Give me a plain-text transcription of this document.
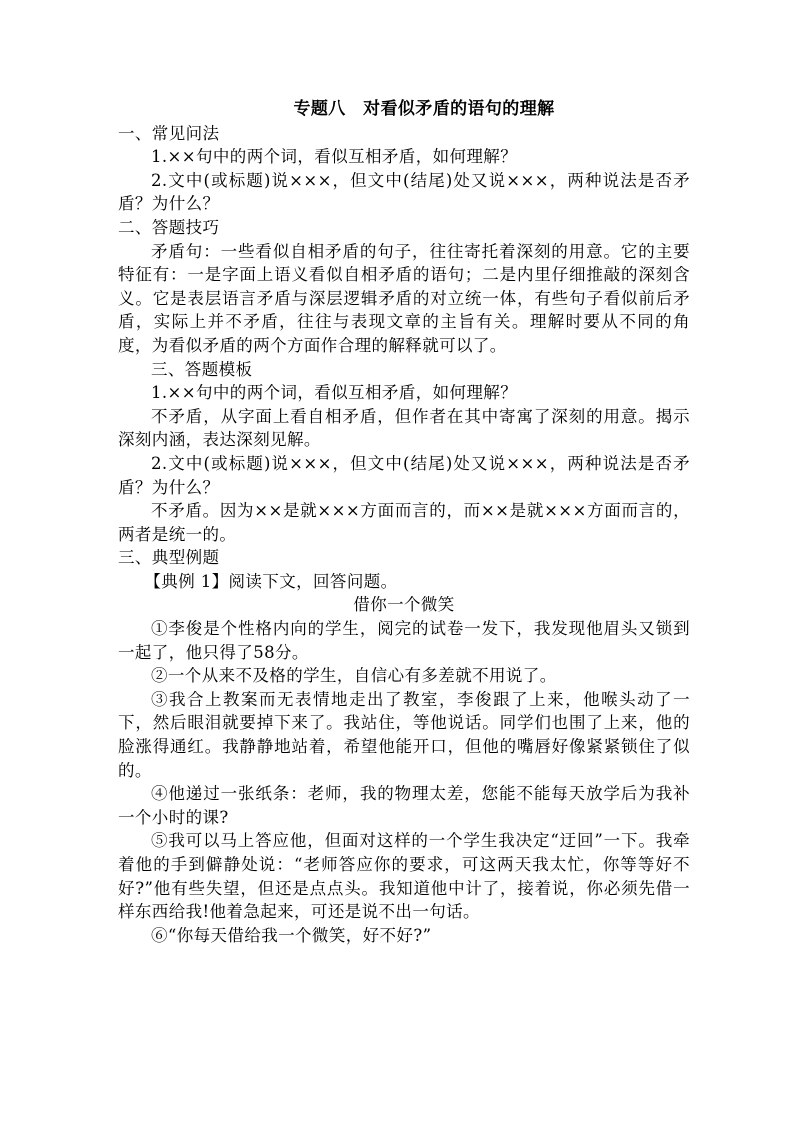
专题八　对看似矛盾的语句的理解

一、常见问法

1.××句中的两个词，看似互相矛盾，如何理解？

2.文中(或标题)说×××，但文中(结尾)处又说×××，两种说法是否矛盾？为什么？

二、答题技巧

矛盾句：一些看似自相矛盾的句子，往往寄托着深刻的用意。它的主要特征有：一是字面上语义看似自相矛盾的语句；二是内里仔细推敲的深刻含义。它是表层语言矛盾与深层逻辑矛盾的对立统一体，有些句子看似前后矛盾，实际上并不矛盾，往往与表现文章的主旨有关。理解时要从不同的角度，为看似矛盾的两个方面作合理的解释就可以了。

三、答题模板

1.××句中的两个词，看似互相矛盾，如何理解？

不矛盾，从字面上看自相矛盾，但作者在其中寄寓了深刻的用意。揭示深刻内涵，表达深刻见解。

2.文中(或标题)说×××，但文中(结尾)处又说×××，两种说法是否矛盾？为什么？

不矛盾。因为××是就×××方面而言的，而××是就×××方面而言的，两者是统一的。

三、典型例题

【典例 1】阅读下文，回答问题。

借你一个微笑

①李俊是个性格内向的学生，阅完的试卷一发下，我发现他眉头又锁到一起了，他只得了58分。

②一个从来不及格的学生，自信心有多差就不用说了。

③我合上教案而无表情地走出了教室，李俊跟了上来，他喉头动了一下，然后眼泪就要掉下来了。我站住，等他说话。同学们也围了上来，他的脸涨得通红。我静静地站着，希望他能开口，但他的嘴唇好像紧紧锁住了似的。

④他递过一张纸条：老师，我的物理太差，您能不能每天放学后为我补一个小时的课?

⑤我可以马上答应他，但面对这样的一个学生我决定“迂回”一下。我牵着他的手到僻静处说：“老师答应你的要求，可这两天我太忙，你等等好不好?”他有些失望，但还是点点头。我知道他中计了，接着说，你必须先借一样东西给我!他着急起来，可还是说不出一句话。

⑥“你每天借给我一个微笑，好不好?”
